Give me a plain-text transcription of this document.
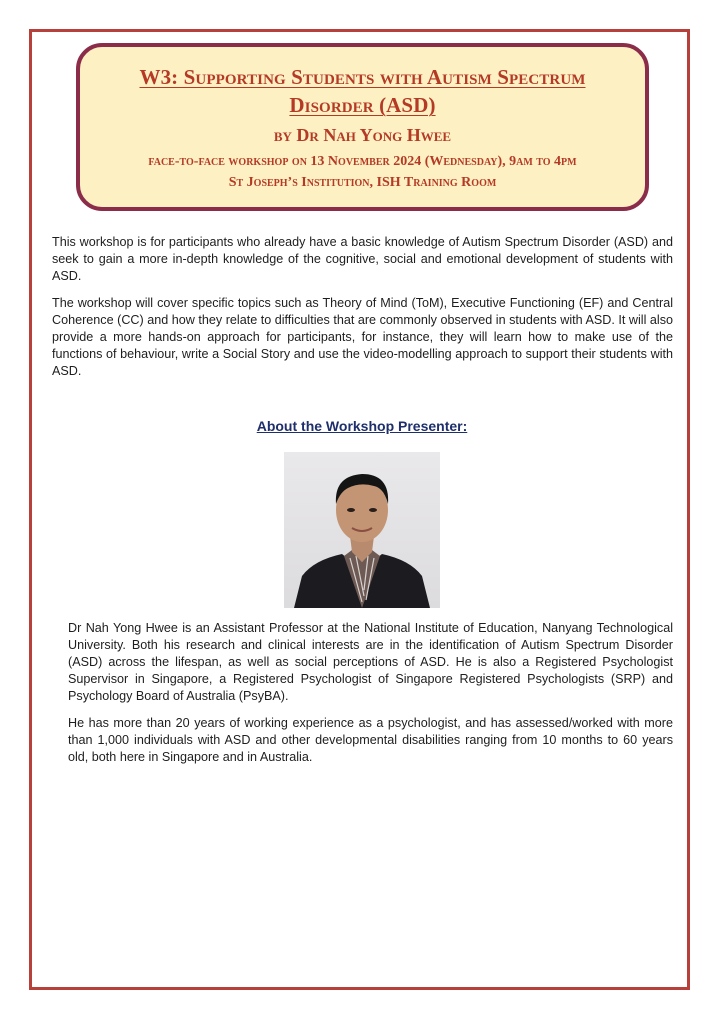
W3: Supporting Students with Autism Spectrum Disorder (ASD)
by Dr Nah Yong Hwee
face-to-face workshop on 13 November 2024 (Wednesday), 9am to 4pm
St Joseph’s Institution, ISH Training Room

This workshop is for participants who already have a basic knowledge of Autism Spectrum Disorder (ASD) and seek to gain a more in-depth knowledge of the cognitive, social and emotional development of students with ASD.

The workshop will cover specific topics such as Theory of Mind (ToM), Executive Functioning (EF) and Central Coherence (CC) and how they relate to difficulties that are commonly observed in students with ASD. It will also provide a more hands-on approach for participants, for instance, they will learn how to make use of the functions of behaviour, write a Social Story and use the video-modelling approach to support their students with ASD.

About the Workshop Presenter:

Dr Nah Yong Hwee is an Assistant Professor at the National Institute of Education, Nanyang Technological University. Both his research and clinical interests are in the identification of Autism Spectrum Disorder (ASD) across the lifespan, as well as social perceptions of ASD. He is also a Registered Psychologist Supervisor in Singapore, a Registered Psychologist of Singapore Registered Psychologists (SRP) and Psychology Board of Australia (PsyBA).

He has more than 20 years of working experience as a psychologist, and has assessed/worked with more than 1,000 individuals with ASD and other developmental disabilities ranging from 10 months to 60 years old, both here in Singapore and in Australia.
